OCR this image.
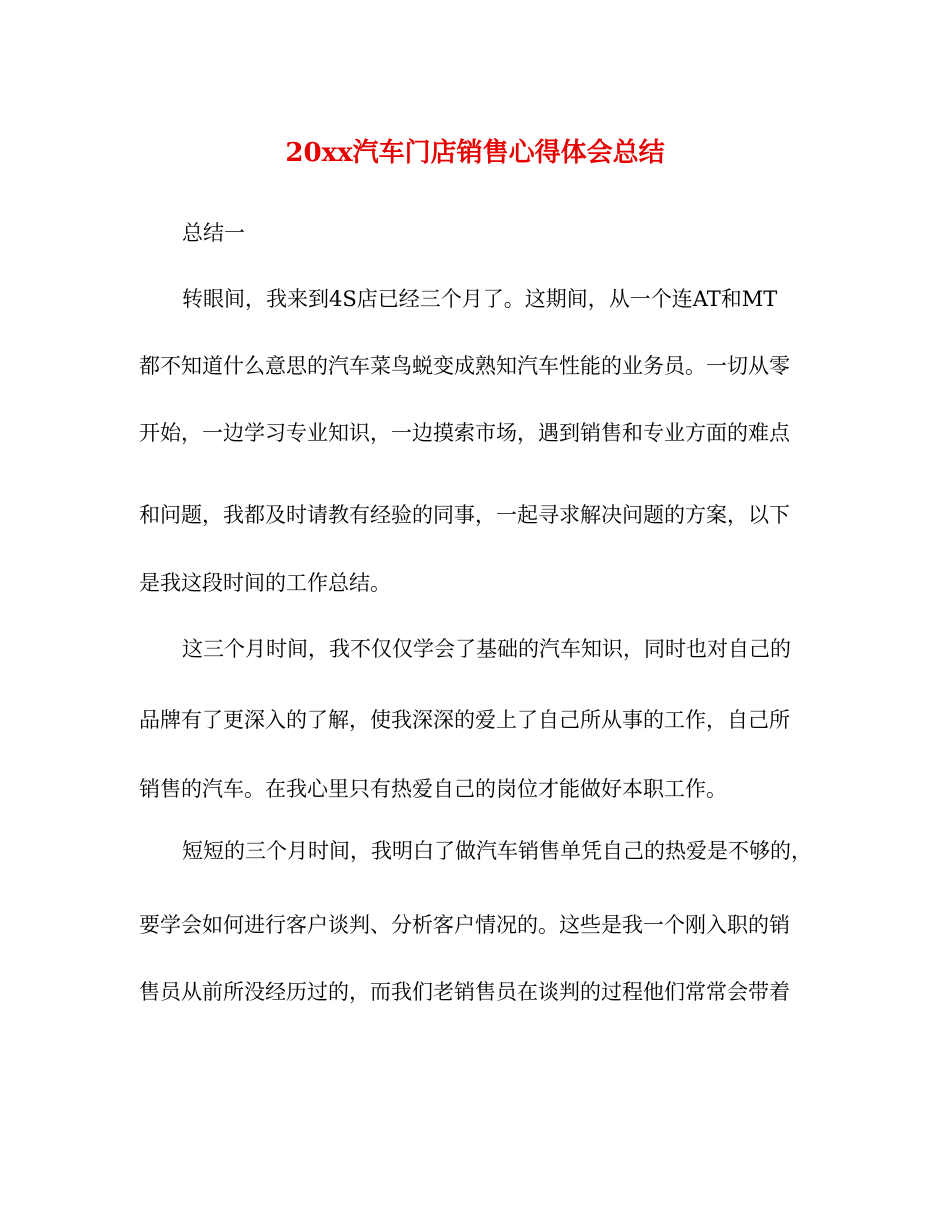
20xx汽车门店销售心得体会总结
总结一
转眼间，我来到4S店已经三个月了。这期间，从一个连AT和MT
都不知道什么意思的汽车菜鸟蜕变成熟知汽车性能的业务员。一切从零
开始，一边学习专业知识，一边摸索市场，遇到销售和专业方面的难点
和问题，我都及时请教有经验的同事，一起寻求解决问题的方案，以下
是我这段时间的工作总结。
这三个月时间，我不仅仅学会了基础的汽车知识，同时也对自己的
品牌有了更深入的了解，使我深深的爱上了自己所从事的工作，自己所
销售的汽车。在我心里只有热爱自己的岗位才能做好本职工作。
短短的三个月时间，我明白了做汽车销售单凭自己的热爱是不够的，
要学会如何进行客户谈判、分析客户情况的。这些是我一个刚入职的销
售员从前所没经历过的，而我们老销售员在谈判的过程他们常常会带着
